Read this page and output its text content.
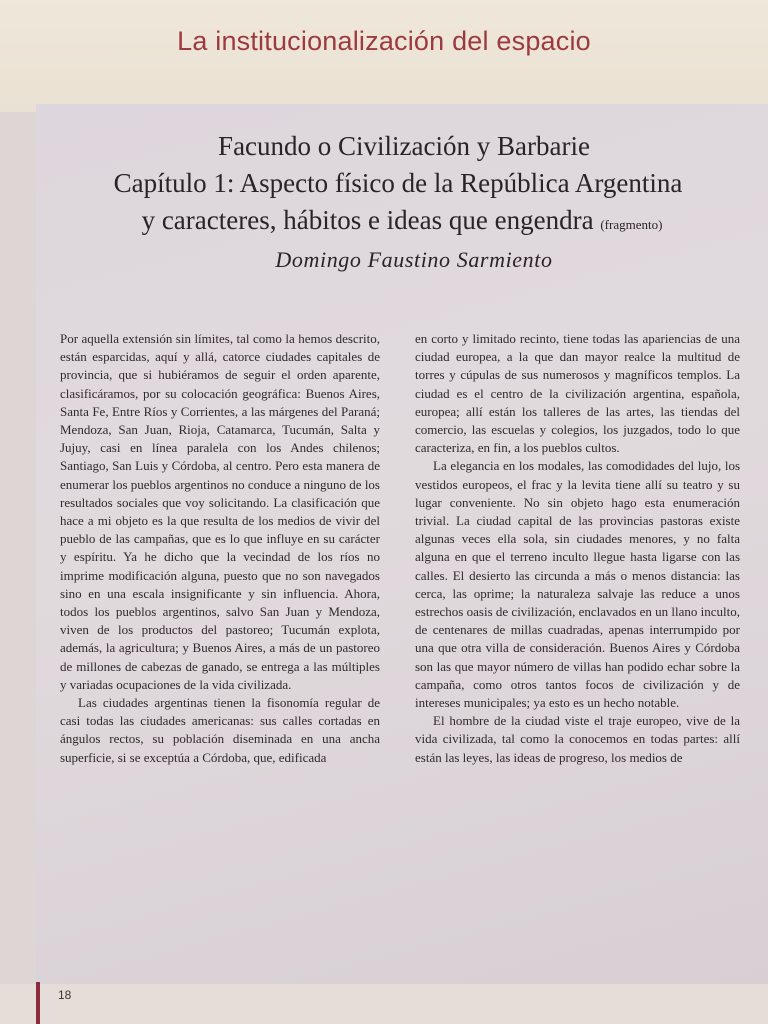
La institucionalización del espacio
Facundo o Civilización y Barbarie
Capítulo 1: Aspecto físico de la República Argentina
y caracteres, hábitos e ideas que engendra (fragmento)
Domingo Faustino Sarmiento

Por aquella extensión sin límites, tal como la hemos descrito, están esparcidas, aquí y allá, catorce ciudades capitales de provincia, que si hubiéramos de seguir el orden aparente, clasificáramos, por su colocación geográfica: Buenos Aires, Santa Fe, Entre Ríos y Corrientes, a las márgenes del Paraná; Mendoza, San Juan, Rioja, Catamarca, Tucumán, Salta y Jujuy, casi en línea paralela con los Andes chilenos; Santiago, San Luis y Córdoba, al centro. Pero esta manera de enumerar los pueblos argentinos no conduce a ninguno de los resultados sociales que voy solicitando. La clasificación que hace a mi objeto es la que resulta de los medios de vivir del pueblo de las campañas, que es lo que influye en su carácter y espíritu. Ya he dicho que la vecindad de los ríos no imprime modificación alguna, puesto que no son navegados sino en una escala insignificante y sin influencia. Ahora, todos los pueblos argentinos, salvo San Juan y Mendoza, viven de los productos del pastoreo; Tucumán explota, además, la agricultura; y Buenos Aires, a más de un pastoreo de millones de cabezas de ganado, se entrega a las múltiples y variadas ocupaciones de la vida civilizada.

Las ciudades argentinas tienen la fisonomía regular de casi todas las ciudades americanas: sus calles cortadas en ángulos rectos, su población diseminada en una ancha superficie, si se exceptúa a Córdoba, que, edificada

en corto y limitado recinto, tiene todas las apariencias de una ciudad europea, a la que dan mayor realce la multitud de torres y cúpulas de sus numerosos y magníficos templos. La ciudad es el centro de la civilización argentina, española, europea; allí están los talleres de las artes, las tiendas del comercio, las escuelas y colegios, los juzgados, todo lo que caracteriza, en fin, a los pueblos cultos.

La elegancia en los modales, las comodidades del lujo, los vestidos europeos, el frac y la levita tiene allí su teatro y su lugar conveniente. No sin objeto hago esta enumeración trivial. La ciudad capital de las provincias pastoras existe algunas veces ella sola, sin ciudades menores, y no falta alguna en que el terreno inculto llegue hasta ligarse con las calles. El desierto las circunda a más o menos distancia: las cerca, las oprime; la naturaleza salvaje las reduce a unos estrechos oasis de civilización, enclavados en un llano inculto, de centenares de millas cuadradas, apenas interrumpido por una que otra villa de consideración. Buenos Aires y Córdoba son las que mayor número de villas han podido echar sobre la campaña, como otros tantos focos de civilización y de intereses municipales; ya esto es un hecho notable.

El hombre de la ciudad viste el traje europeo, vive de la vida civilizada, tal como la conocemos en todas partes: allí están las leyes, las ideas de progreso, los medios de

18
